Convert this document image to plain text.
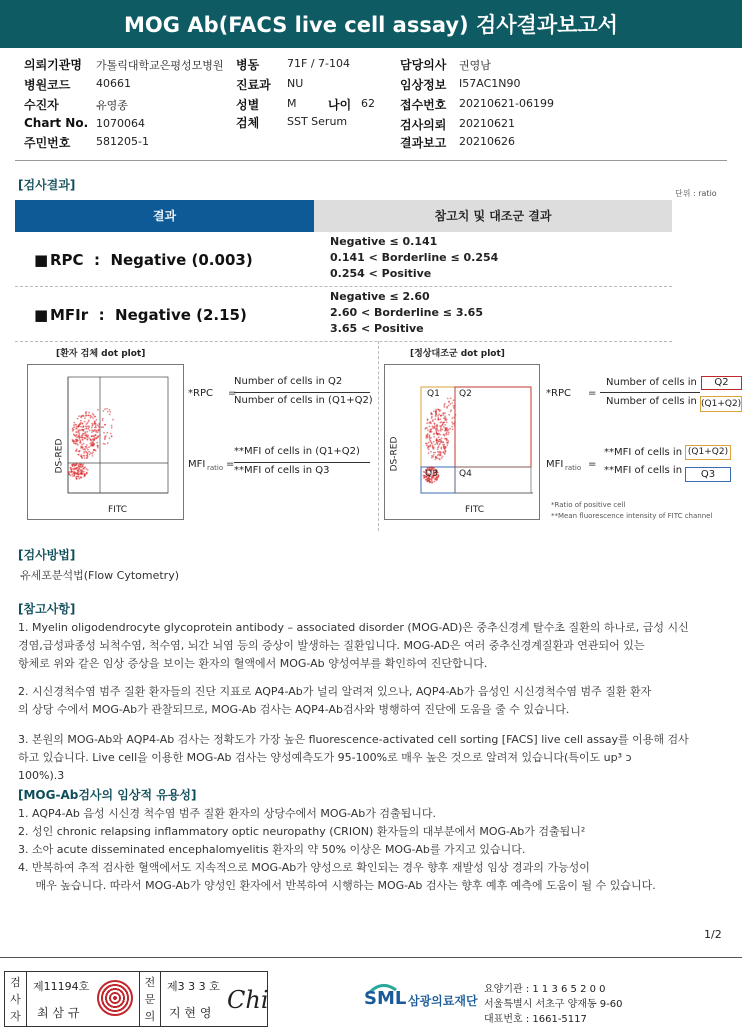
MOG Ab(FACS live cell assay) 검사결과보고서
의뢰기관명 가톨릭대학교은평성모병원 병동	71F / 7-104	담당의사 권영남
병원코드 40661	진료과 NU	임상정보 I57AC1N90
수진자	유영종	성별	M	나이 62 접수번호 20210621-06199
Chart No. 1070064	검체	SST Serum	검사의뢰 20210621
주민번호 581205-1	결과보고 20210626
[검사결과]
단위 : ratio
결과	참고치 및 대조군 결과
■ RPC  :  Negative (0.003)
Negative ≤ 0.141
0.141 < Borderline ≤ 0.254
0.254 < Positive
■ MFIr  :  Negative (2.15)
Negative ≤ 2.60
2.60 < Borderline ≤ 3.65
3.65 < Positive
[환자 검체 dot plot]	[정상대조군 dot plot]
DS-RED
FITC
*RPC =
Number of cells in Q2
Number of cells in (Q1+Q2)
MFI ratio =
**MFI of cells in (Q1+Q2)
**MFI of cells in Q3
Q1 Q2
Q3 Q4
DS-RED
FITC
*RPC =
Number of cells in	Q2
Number of cells in (Q1+Q2)
MFI ratio =
**MFI of cells in (Q1+Q2)
**MFI of cells in	Q3
*Ratio of positive cell
**Mean fluorescence intensity of FITC channel
[검사방법]
유세포분석법(Flow Cytometry)
[참고사항]
1. Myelin oligodendrocyte glycoprotein antibody – associated disorder (MOG-AD)은 중추신경계 탈수초 질환의 하나로, 급성 시신
경염,급성파종성 뇌척수염, 척수염, 뇌간 뇌염 등의 증상이 발생하는 질환입니다. MOG-AD은 여러 중추신경계질환과 연관되어 있는
항체로 위와 같은 임상 증상을 보이는 환자의 혈액에서 MOG-Ab 양성여부를 확인하여 진단합니다.
2. 시신경척수염 범주 질환 환자들의 진단 지표로 AQP4-Ab가 널리 알려져 있으나, AQP4-Ab가 음성인 시신경척수염 범주 질환 환자
의 상당 수에서 MOG-Ab가 관찰되므로, MOG-Ab 검사는 AQP4-Ab검사와 병행하여 진단에 도움을 줄 수 있습니다.
3. 본원의 MOG-Ab와 AQP4-Ab 검사는 정확도가 가장 높은 fluorescence-activated cell sorting [FACS] live cell assay를 이용해 검사
하고 있습니다. Live cell을 이용한 MOG-Ab 검사는 양성예측도가 95-100%로 매우 높은 것으로 알려져 있습니다(특이도 up³ ↄ
100%).3
[MOG-Ab검사의 임상적 유용성]
1. AQP4-Ab 음성 시신경 척수염 범주 질환 환자의 상당수에서 MOG-Ab가 검출됩니다.
2. 성인 chronic relapsing inflammatory optic neuropathy (CRION) 환자들의 대부분에서 MOG-Ab가 검출됩니²
3. 소아 acute disseminated encephalomyelitis 환자의 약 50% 이상은 MOG-Ab를 가지고 있습니다.
4. 반복하여 추적 검사한 혈액에서도 지속적으로 MOG-Ab가 양성으로 확인되는 경우 향후 재발성 임상 경과의 가능성이
매우 높습니다. 따라서 MOG-Ab가 양성인 환자에서 반복하여 시행하는 MOG-Ab 검사는 향후 예후 예측에 도움이 될 수 있습니다.
1/2
검사자
제11194호
최 삼 규
전문의
제3 3 3 호
지 현 영 Chi	SML 삼광의료재단
요양기관 : 1 1 3 6 5 2 0 0
서울특별시 서초구 양재동 9-60
대표번호 : 1661-5117
